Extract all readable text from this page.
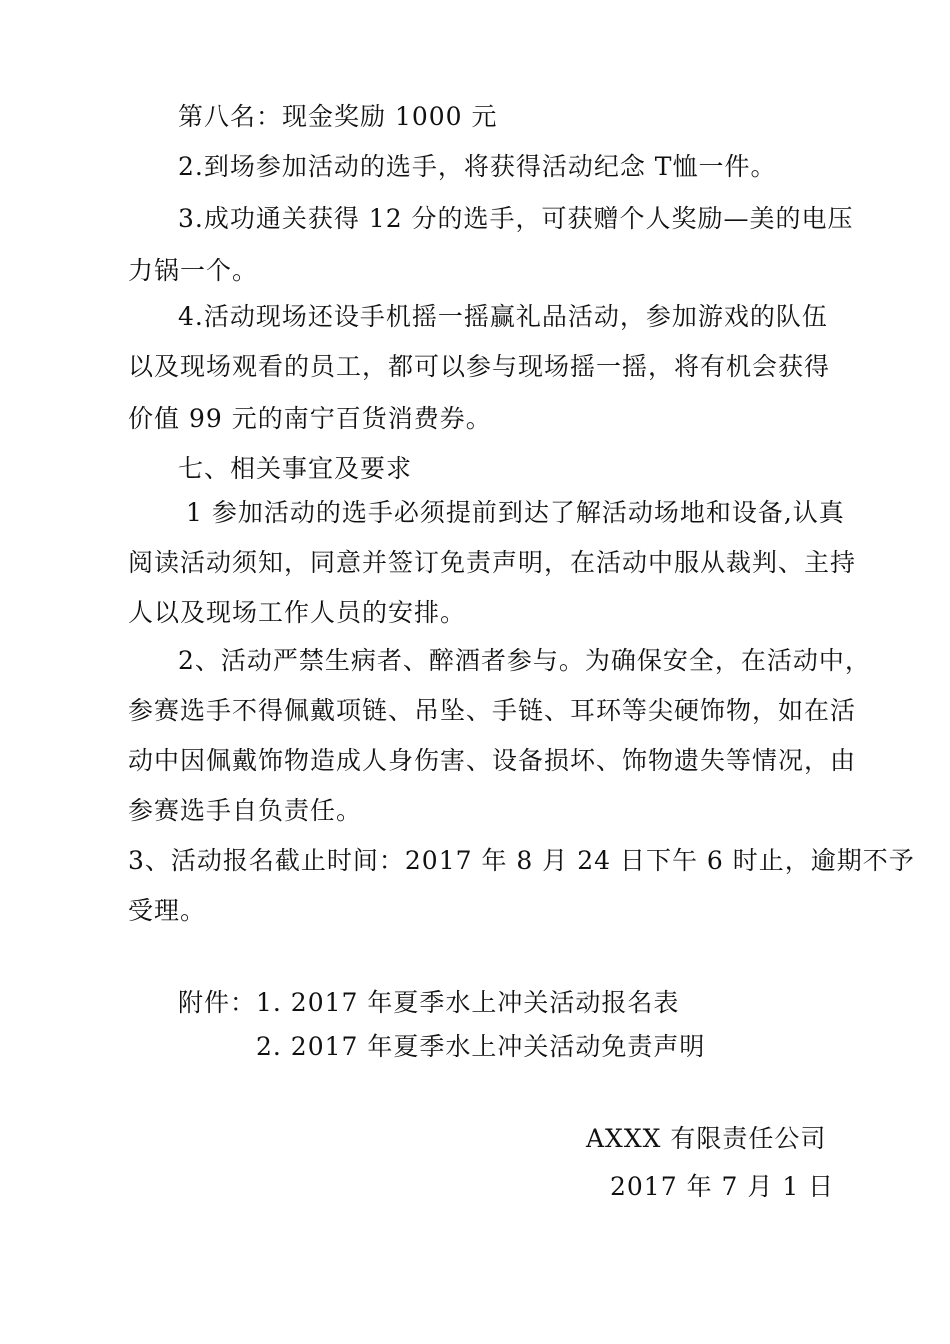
第八名：现金奖励 1000 元
2.到场参加活动的选手，将获得活动纪念 T恤一件。
3.成功通关获得 12 分的选手，可获赠个人奖励—美的电压
力锅一个。
4.活动现场还设手机摇一摇赢礼品活动，参加游戏的队伍
以及现场观看的员工，都可以参与现场摇一摇，将有机会获得
价值 99 元的南宁百货消费券。
七、相关事宜及要求
1 参加活动的选手必须提前到达了解活动场地和设备,认真
阅读活动须知，同意并签订免责声明，在活动中服从裁判、主持
人以及现场工作人员的安排。
2、活动严禁生病者、醉酒者参与。为确保安全，在活动中，
参赛选手不得佩戴项链、吊坠、手链、耳环等尖硬饰物，如在活
动中因佩戴饰物造成人身伤害、设备损坏、饰物遗失等情况，由
参赛选手自负责任。
3、活动报名截止时间：2017 年 8 月 24 日下午 6 时止，逾期不予
受理。
附件：1. 2017 年夏季水上冲关活动报名表
2. 2017 年夏季水上冲关活动免责声明
AXXX 有限责任公司
2017 年 7 月 1 日
